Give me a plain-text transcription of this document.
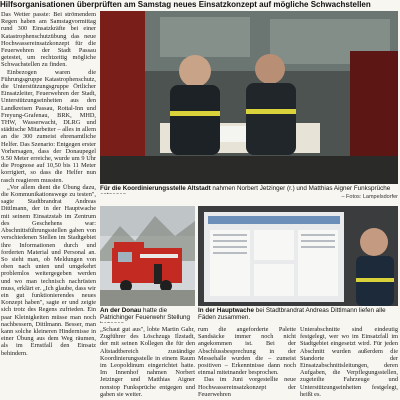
Hilfsorganisationen überprüften am Samstag neues Einsatzkonzept auf mögliche Schwachstellen

Das Wetter passte: Bei strömendem Regen haben am Samstagvormittag rund 300 Einsatzkräfte bei einer Katastrophenschutzübung das neue Hochwassereinsatzkonzept für die Feuerwehren der Stadt Passau getestet, um rechtzeitig mögliche Schwachstellen zu finden.

Einbezogen waren die Führungsgruppe Katastrophenschutz, die Unterstützungsgruppe Örtlicher Einsatzleiter, Feuerwehren der Stadt, Unterstützungseinheiten aus den Landkreisen Passau, Rottal-Inn und Freyung-Grafenau, BRK, MHD, THW, Wasserwacht, DLRG und städtische Mitarbeiter – alles in allem an die 300 zumeist ehrenamtliche Helfer. Das Szenario: Entgegen erster Vorhersagen, dass der Donaupegel 9.50 Meter erreiche, wurde um 9 Uhr die Prognose auf 10,50 bis 11 Meter korrigiert, so dass die Helfer nun rasch reagieren mussten.

„Vor allem dient die Übung dazu, die Kommunikationswege zu testen", sagte Stadtbrandrat Andreas Dittlmann, der in der Hauptwache mit seinem Einsatzstab im Zentrum des Geschehens war: Abschnittsführungsstellen gaben von verschiedenen Stellen im Stadtgebiet ihre Informationen durch und forderten Material und Personal an. So sieht man, ob Meldungen von oben nach unten und umgekehrt problemlos weitergegeben werden und wo man technisch nachrüsten muss, erklärt er. „Ich glaube, dass wir ein gut funktionierendes neues Konzept haben", sagte er und zeigte sich trotz des Regens zufrieden. Ein paar Kleinigkeiten müsse man noch nachbessern, Dittlmann. Besser, man kann solche kleineren Hindernisse in einer Übung aus dem Weg räumen, als im Ernstfall den Einsatz behindern.

Für die Koordinierungsstelle Altstadt nahmen Norbert Jetzinger (r.) und Matthias Aigner Funksprüche
– Fotos: Lampelsdorfer
An der Donau hatte die Patrichinger Feuerwehr Stellung
In der Hauptwache bei Stadtbrandrat Andreas Dittlmann liefen alle Fäden zusammen.

„Schaut gut aus", lobte Martin Gahr, Zugführer des Löschzugs Ilzstadt, der mit seinen Kollegen die für den Altstadtbereich zuständige Koordinierungsstelle in einem Raum im Leopoldinum eingerichtet hatte. Im Innenhof nahmen Norbert Jetzinger und Matthias Aigner nonstop Funksprüche entgegen und gaben sie weiter.

rum die angeforderte Palette Sandsäcke immer noch nicht angekommen ist. Bei der Abschlussbesprechung in der Messehalle wurden die – zumeist positiven – Erkenntnisse dann noch einmal miteinander besprochen.

Das im Juni vorgestellte neue Hochwassereinsatzkonzept der Feuerwehren

Unterabschnitte sind eindeutig festgelegt, wer wo im Einsatzfall im Stadtgebiet eingesetzt wird. Für jeden Abschnitt wurden außerdem die Standorte der Einsatzabschnittsleitungen, deren Aufgaben, die Verpflegungsstellen, zugeteilte Fahrzeuge und Unterstützungseinheiten festgelegt, heißt es.
